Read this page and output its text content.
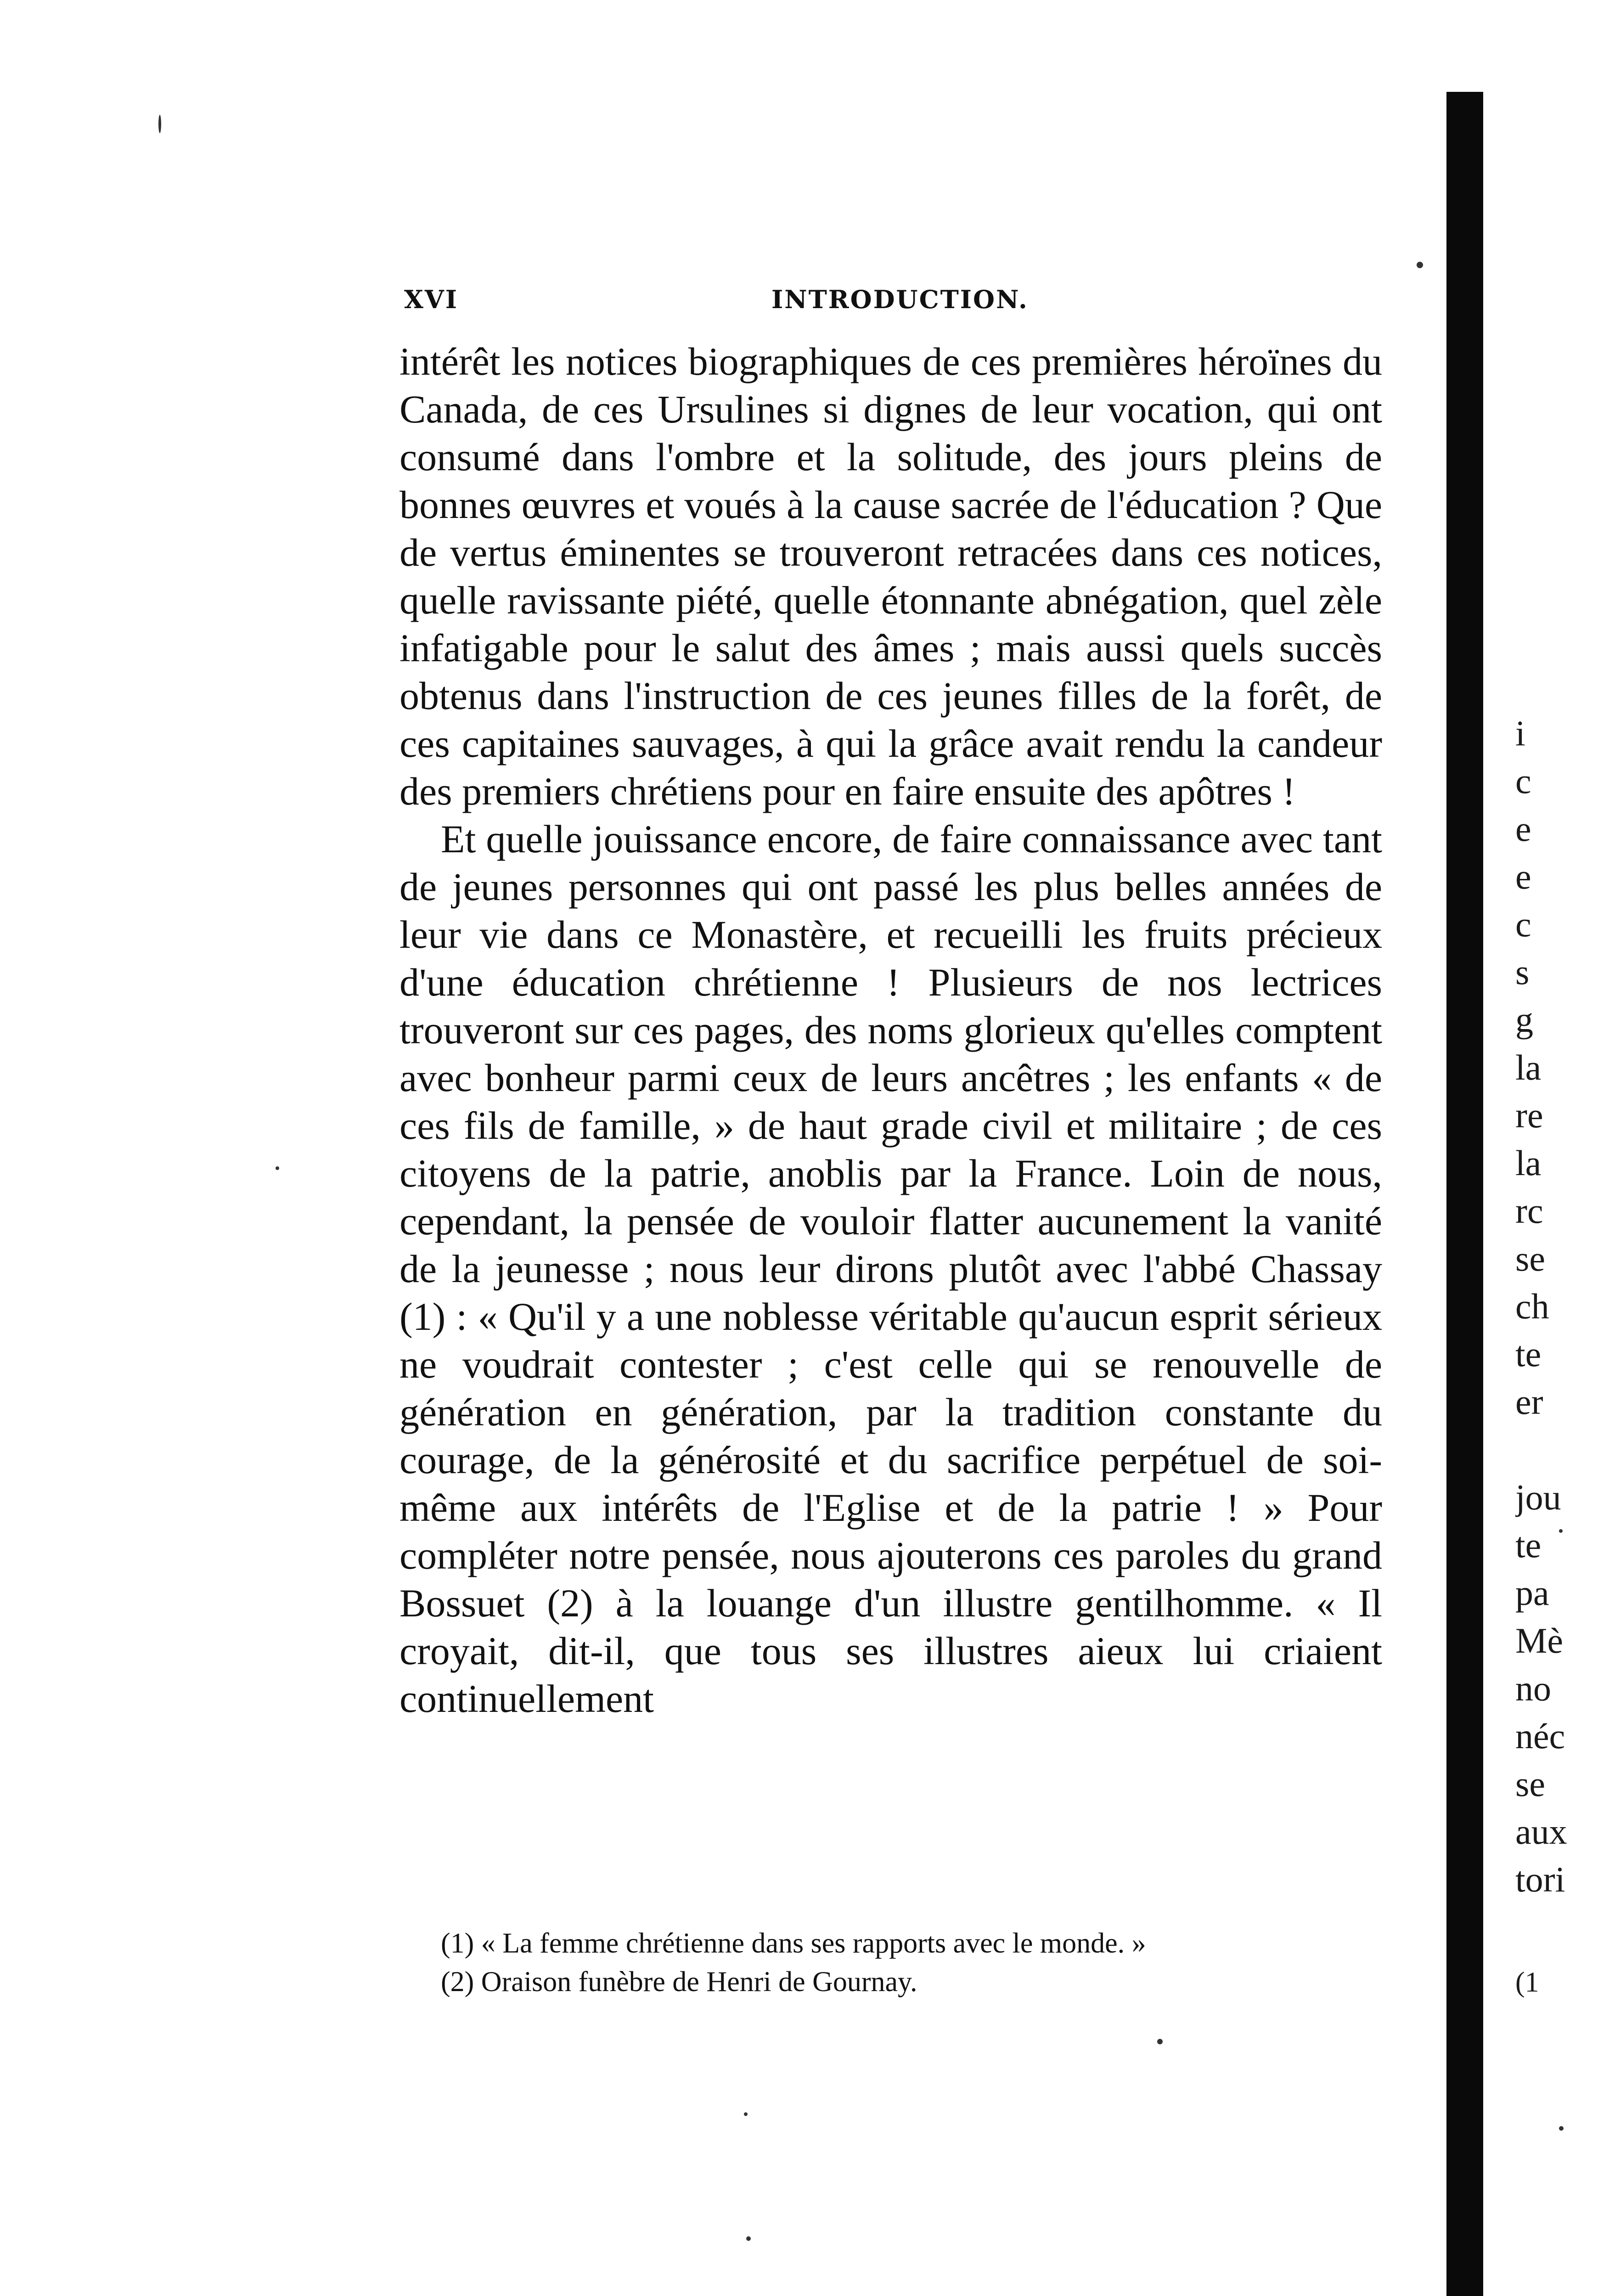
XVI	INTRODUCTION.

intérêt les notices biographiques de ces premières héroïnes du Canada, de ces Ursulines si dignes de leur vocation, qui ont consumé dans l'ombre et la solitude, des jours pleins de bonnes œuvres et voués à la cause sacrée de l'éducation ? Que de vertus éminentes se trouveront retracées dans ces notices, quelle ravissante piété, quelle étonnante abnégation, quel zèle infatigable pour le salut des âmes ; mais aussi quels succès obtenus dans l'instruction de ces jeunes filles de la forêt, de ces capitaines sauvages, à qui la grâce avait rendu la candeur des premiers chrétiens pour en faire ensuite des apôtres !

Et quelle jouissance encore, de faire connaissance avec tant de jeunes personnes qui ont passé les plus belles années de leur vie dans ce Monastère, et recueilli les fruits précieux d'une éducation chrétienne ! Plusieurs de nos lectrices trouveront sur ces pages, des noms glorieux qu'elles comptent avec bonheur parmi ceux de leurs ancêtres ; les enfants « de ces fils de famille, » de haut grade civil et militaire ; de ces citoyens de la patrie, anoblis par la France. Loin de nous, cependant, la pensée de vouloir flatter aucunement la vanité de la jeunesse ; nous leur dirons plutôt avec l'abbé Chassay (1) : « Qu'il y a une noblesse véritable qu'aucun esprit sérieux ne voudrait contester ; c'est celle qui se renouvelle de génération en génération, par la tradition constante du courage, de la générosité et du sacrifice perpétuel de soi-même aux intérêts de l'Eglise et de la patrie ! » Pour compléter notre pensée, nous ajouterons ces paroles du grand Bossuet (2) à la louange d'un illustre gentilhomme. « Il croyait, dit-il, que tous ses illustres aieux lui criaient continuellement

(1) « La femme chrétienne dans ses rapports avec le monde. »
(2) Oraison funèbre de Henri de Gournay.
i
c
e
e
c
s
g
la
re
la
rc
se
ch
te
er
jou
te
pa
Mè
no
néc
se
aux
tori
(1
